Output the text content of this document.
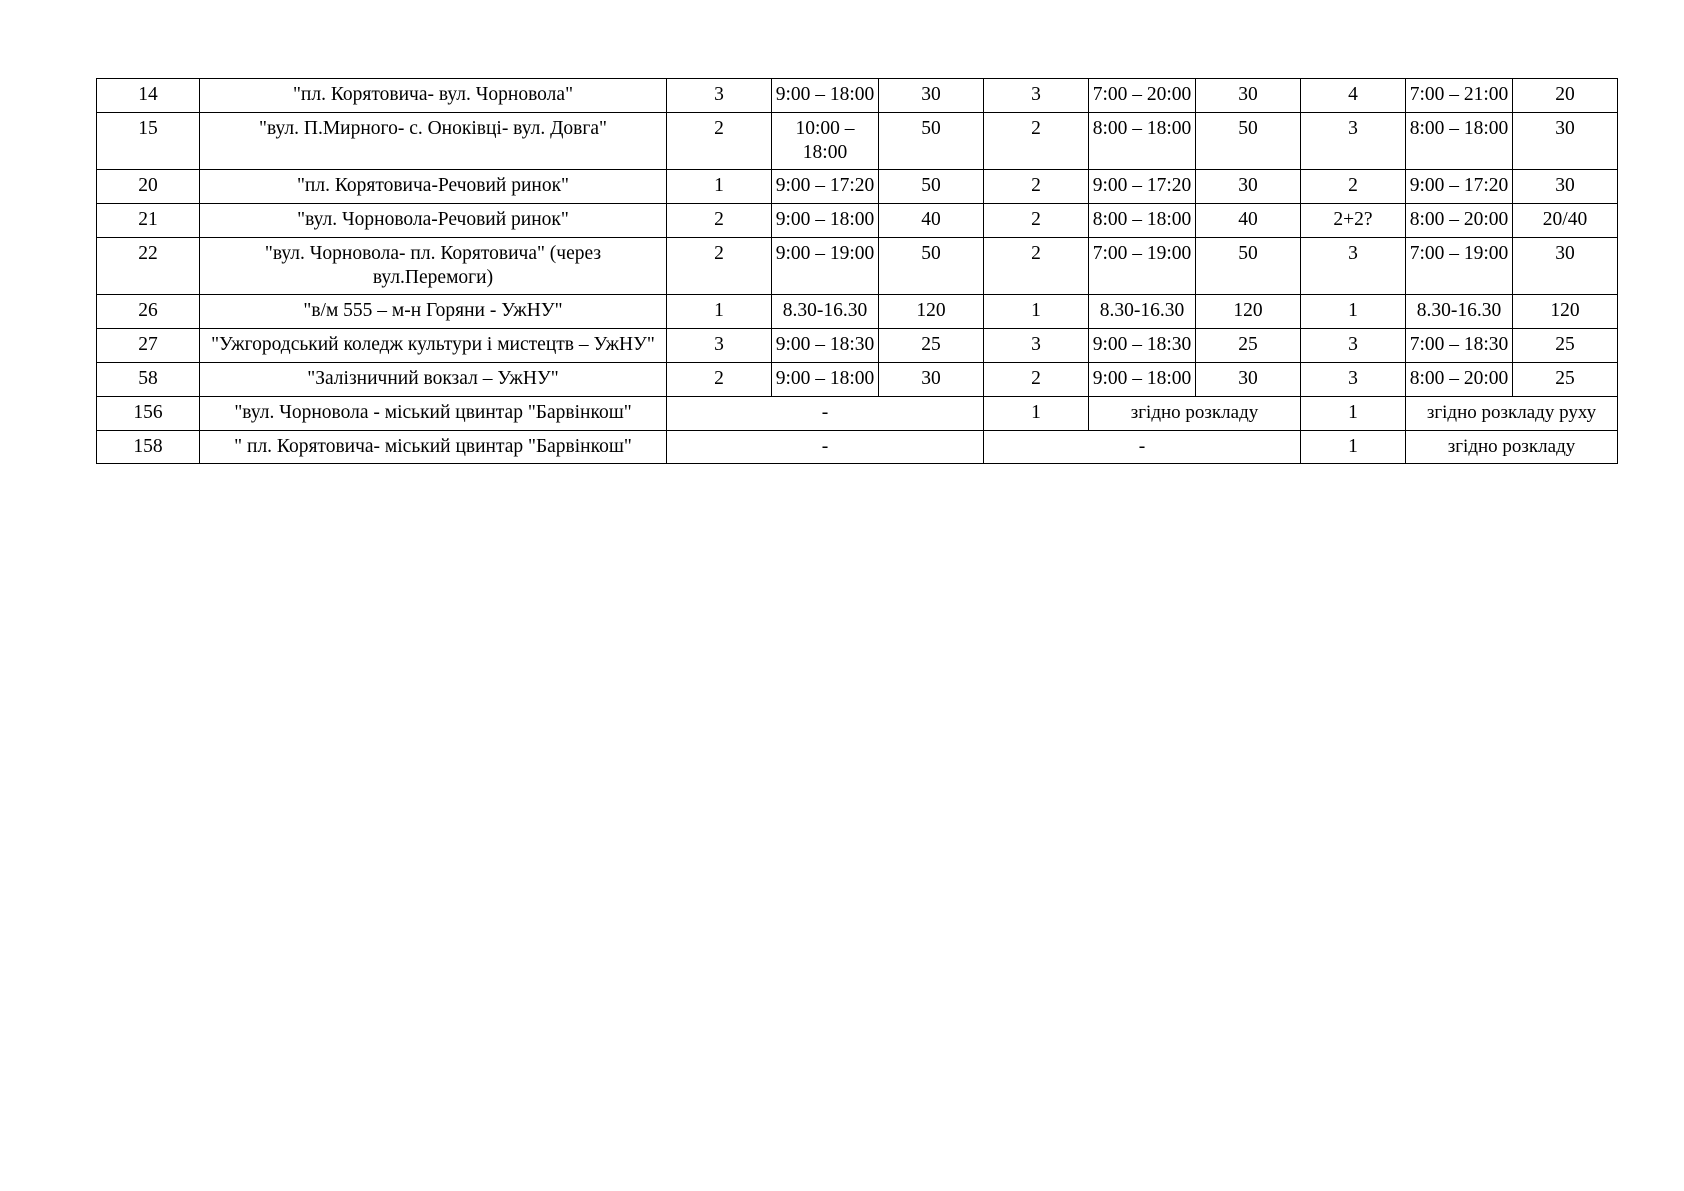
14	"пл. Корятовича- вул. Чорновола"	3	9:00 – 18:00	30	3	7:00 – 20:00	30	4	7:00 – 21:00	20
15	"вул. П.Мирного- с. Оноківці- вул. Довга"	2	10:00 – 18:00	50	2	8:00 – 18:00	50	3	8:00 – 18:00	30
20	"пл. Корятовича-Речовий ринок"	1	9:00 – 17:20	50	2	9:00 – 17:20	30	2	9:00 – 17:20	30
21	"вул. Чорновола-Речовий ринок"	2	9:00 – 18:00	40	2	8:00 – 18:00	40	2+2?	8:00 – 20:00	20/40
22	"вул. Чорновола- пл. Корятовича" (через вул.Перемоги)	2	9:00 – 19:00	50	2	7:00 – 19:00	50	3	7:00 – 19:00	30
26	"в/м 555 – м-н Горяни - УжНУ"	1	8.30-16.30	120	1	8.30-16.30	120	1	8.30-16.30	120
27	"Ужгородський коледж культури і мистецтв – УжНУ"	3	9:00 – 18:30	25	3	9:00 – 18:30	25	3	7:00 – 18:30	25
58	"Залізничний вокзал – УжНУ"	2	9:00 – 18:00	30	2	9:00 – 18:00	30	3	8:00 – 20:00	25
156	"вул. Чорновола - міський цвинтар "Барвінкош"	-			1	згідно розкладу		1	згідно розкладу руху	
158	" пл. Корятовича- міський цвинтар "Барвінкош"	-			-			1	згідно розкладу	
